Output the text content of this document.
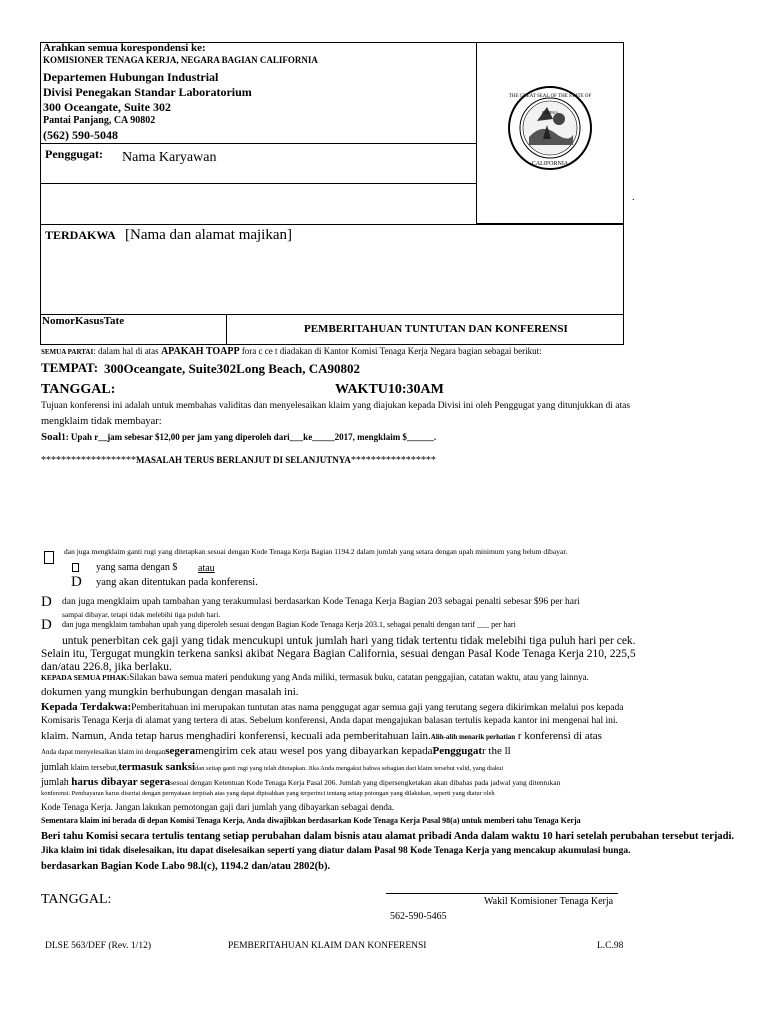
Arahkan semua korespondensi ke:
KOMISIONER TENAGA KERJA, NEGARA BAGIAN CALIFORNIA
Departemen Hubungan Industrial
Divisi Penegakan Standar Laboratorium
300 Oceangate, Suite 302
Pantai Panjang, CA 90802
(562) 590-5048
EUREKA
THE GREAT SEAL OF THE STATE OF
CALIFORNIA
Penggugat: Nama Karyawan
TERDAKWA [Nama dan alamat majikan]
NomorKasusTate
PEMBERITAHUAN TUNTUTAN DAN KONFERENSI
.
SEMUA PARTAI: dalam hal di atas APAKAH TOAPP fora c ce t diadakan di Kantor Komisi Tenaga Kerja Negara bagian sebagai berikut:
TEMPAT: 300Oceangate, Suite302Long Beach, CA90802
TANGGAL:	WAKTU10:30AM
Tujuan konferensi ini adalah untuk membahas validitas dan menyelesaikan klaim yang diajukan kepada Divisi ini oleh Penggugat yang ditunjukkan di atas
mengklaim tidak membayar:
Soal1: Upah r__jam sebesar $12,00 per jam yang diperoleh dari___ke_____2017, mengklaim $______.
*******************MASALAH TERUS BERLANJUT DI SELANJUTNYA*****************
dan juga mengklaim ganti rugi yang ditetapkan sesuai dengan Kode Tenaga Kerja Bagian 1194.2 dalam jumlah yang setara dengan upah minimum yang belum dibayar.
yang sama dengan $ atau
D yang akan ditentukan pada konferensi.
D dan juga mengklaim upah tambahan yang terakumulasi berdasarkan Kode Tenaga Kerja Bagian 203 sebagai penalti sebesar $96 per hari
sampai dibayar, tetapi tidak melebihi tiga puluh hari.
D dan juga mengklaim tambahan upah yang diperoleh sesuai dengan Bagian Kode Tenaga Kerja 203.1, sebagai penalti dengan tarif ___ per hari
untuk penerbitan cek gaji yang tidak mencukupi untuk jumlah hari yang tidak tertentu tidak melebihi tiga puluh hari per cek.
Selain itu, Tergugat mungkin terkena sanksi akibat Negara Bagian California, sesuai dengan Pasal Kode Tenaga Kerja 210, 225,5
dan/atau 226.8, jika berlaku.
KEPADA SEMUA PIHAK:Silakan bawa semua materi pendukung yang Anda miliki, termasuk buku, catatan penggajian, catatan waktu, atau yang lainnya.
dokumen yang mungkin berhubungan dengan masalah ini.
Kepada Terdakwa:Pemberitahuan ini merupakan tuntutan atas nama penggugat agar semua gaji yang terutang segera dikirimkan melalui pos kepada
Komisaris Tenaga Kerja di alamat yang tertera di atas. Sebelum konferensi, Anda dapat mengajukan balasan tertulis kepada kantor ini mengenai hal ini.
klaim. Namun, Anda tetap harus menghadiri konferensi, kecuali ada pemberitahuan lain.Alih-alih menarik perhatian r konferensi di atas
Anda dapat menyelesaikan klaim ini dengansegeramengirim cek atau wesel pos yang dibayarkan kepadaPenggugatr the ll
jumlah klaim tersebut,termasuk sanksidan setiap ganti rugi yang telah ditetapkan. Jika Anda mengakui bahwa sebagian dari klaim tersebut valid, yang diakui
jumlah harus dibayar segerasesuai dengan Ketentuan Kode Tenaga Kerja Pasal 206. Jumlah yang dipersengketakan akan dibahas pada jadwal yang ditentukan
konferensi. Pembayaran harus disertai dengan pernyataan terpisah atas yang dapat dipisahkan yang terperinci tentang setiap potongan yang dilakukan, seperti yang diatur oleh
Kode Tenaga Kerja. Jangan lakukan pemotongan gaji dari jumlah yang dibayarkan sebagai denda.
Sementara klaim ini berada di depan Komisi Tenaga Kerja, Anda diwajibkan berdasarkan Kode Tenaga Kerja Pasal 98(a) untuk memberi tahu Tenaga Kerja
Beri tahu Komisi secara tertulis tentang setiap perubahan dalam bisnis atau alamat pribadi Anda dalam waktu 10 hari setelah perubahan tersebut terjadi.
Jika klaim ini tidak diselesaikan, itu dapat diselesaikan seperti yang diatur dalam Pasal 98 Kode Tenaga Kerja yang mencakup akumulasi bunga.
berdasarkan Bagian Kode Labo 98.l(c), 1194.2 dan/atau 2802(b).
TANGGAL:	Wakil Komisioner Tenaga Kerja
562-590-5465
DLSE 563/DEF (Rev. 1/12)	PEMBERITAHUAN KLAIM DAN KONFERENSI	L.C.98
